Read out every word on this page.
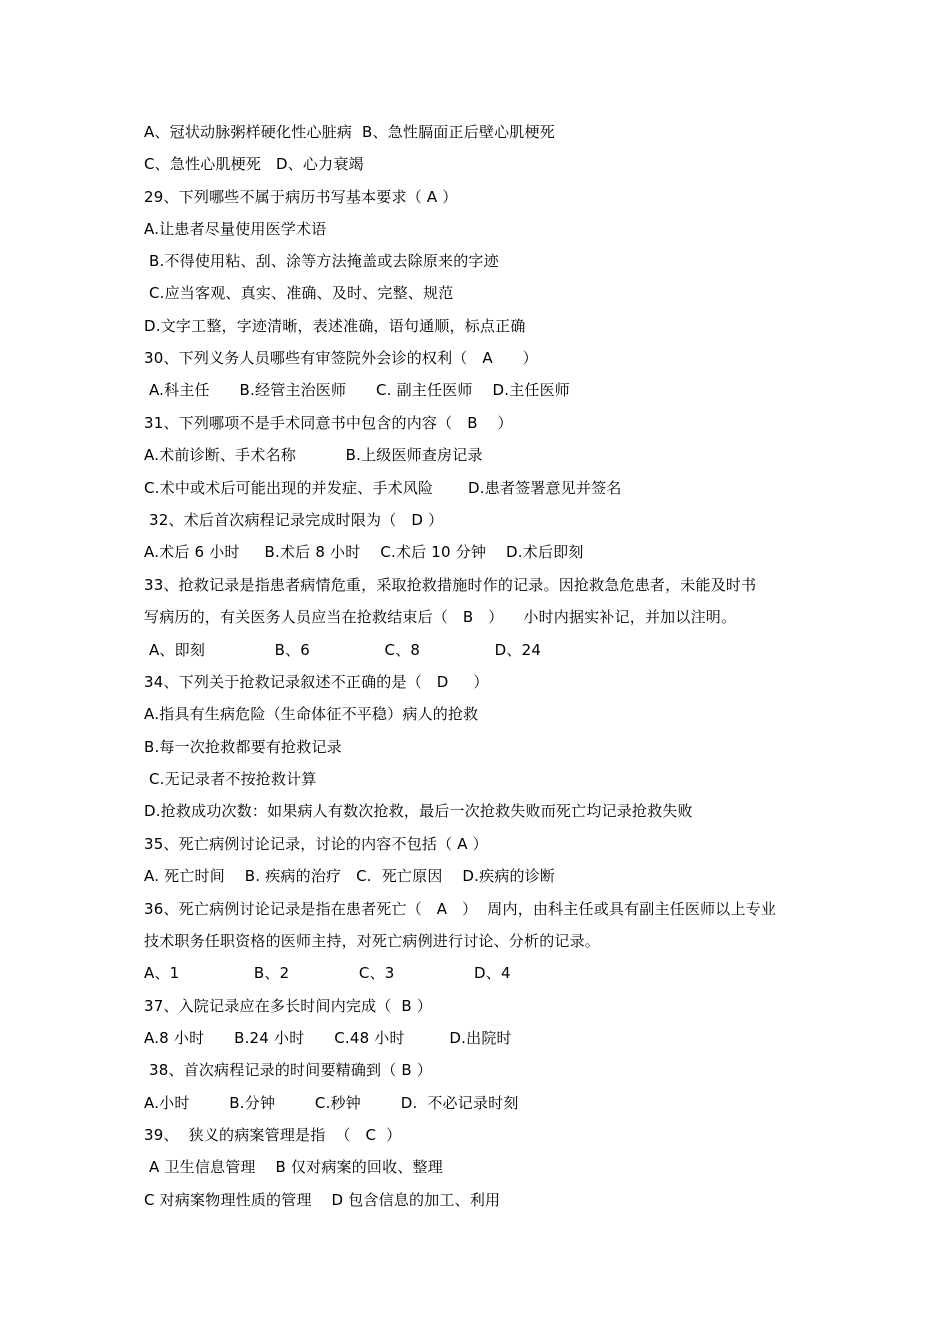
A、冠状动脉粥样硬化性心脏病  B、急性膈面正后壁心肌梗死
C、急性心肌梗死   D、心力衰竭
29、下列哪些不属于病历书写基本要求（ A ）
A.让患者尽量使用医学术语
B.不得使用粘、刮、涂等方法掩盖或去除原来的字迹
C.应当客观、真实、准确、及时、完整、规范
D.文字工整，字迹清晰，表述准确，语句通顺，标点正确
30、下列义务人员哪些有审签院外会诊的权利（   A      ）
A.科主任      B.经管主治医师      C. 副主任医师    D.主任医师
31、下列哪项不是手术同意书中包含的内容（   B    ）
A.术前诊断、手术名称          B.上级医师查房记录
C.术中或术后可能出现的并发症、手术风险       D.患者签署意见并签名
32、术后首次病程记录完成时限为（   D ）
A.术后 6 小时     B.术后 8 小时    C.术后 10 分钟    D.术后即刻
33、抢救记录是指患者病情危重，采取抢救措施时作的记录。因抢救急危患者，未能及时书
写病历的，有关医务人员应当在抢救结束后（   B   ）    小时内据实补记，并加以注明。
A、即刻              B、6               C、8               D、24
34、下列关于抢救记录叙述不正确的是（   D     ）
A.指具有生病危险（生命体征不平稳）病人的抢救
B.每一次抢救都要有抢救记录
C.无记录者不按抢救计算
D.抢救成功次数：如果病人有数次抢救，最后一次抢救失败而死亡均记录抢救失败
35、死亡病例讨论记录，讨论的内容不包括（ A ）
A. 死亡时间    B. 疾病的治疗   C.  死亡原因    D.疾病的诊断
36、死亡病例讨论记录是指在患者死亡（   A   ）  周内，由科主任或具有副主任医师以上专业
技术职务任职资格的医师主持，对死亡病例进行讨论、分析的记录。
A、1               B、2              C、3                D、4
37、入院记录应在多长时间内完成（  B ）
A.8 小时      B.24 小时      C.48 小时         D.出院时
38、首次病程记录的时间要精确到（ B ）
A.小时        B.分钟        C.秒钟        D.  不必记录时刻
39、  狭义的病案管理是指  （   C  ）
A 卫生信息管理    B 仅对病案的回收、整理
C 对病案物理性质的管理    D 包含信息的加工、利用
